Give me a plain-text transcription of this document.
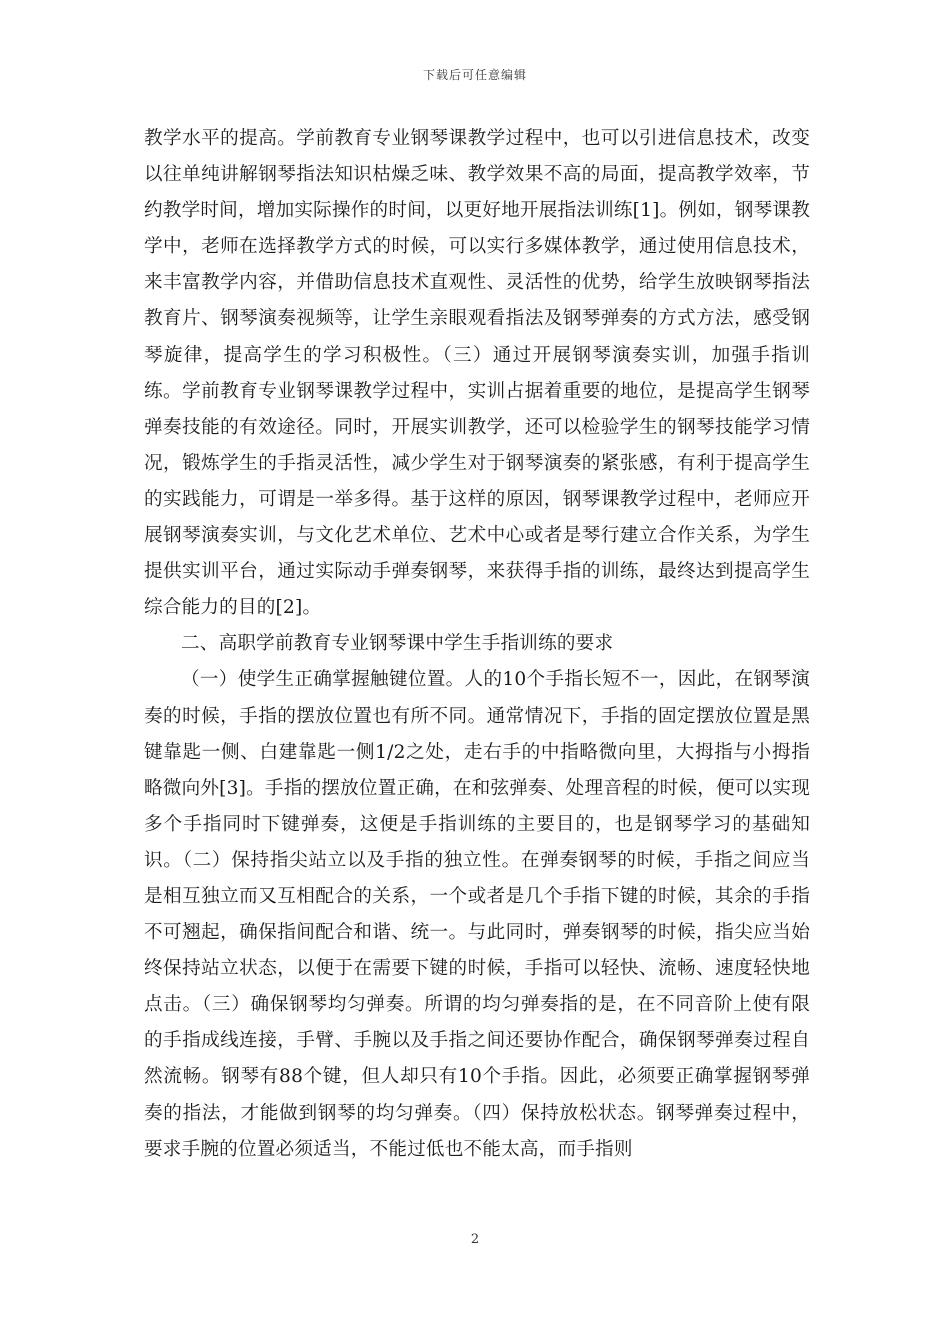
下载后可任意编辑

教学水平的提高。学前教育专业钢琴课教学过程中，也可以引进信息技术，改变以往单纯讲解钢琴指法知识枯燥乏味、教学效果不高的局面，提高教学效率，节约教学时间，增加实际操作的时间，以更好地开展指法训练[1]。例如，钢琴课教学中，老师在选择教学方式的时候，可以实行多媒体教学，通过使用信息技术，来丰富教学内容，并借助信息技术直观性、灵活性的优势，给学生放映钢琴指法教育片、钢琴演奏视频等，让学生亲眼观看指法及钢琴弹奏的方式方法，感受钢琴旋律，提高学生的学习积极性。（三）通过开展钢琴演奏实训，加强手指训练。学前教育专业钢琴课教学过程中，实训占据着重要的地位，是提高学生钢琴弹奏技能的有效途径。同时，开展实训教学，还可以检验学生的钢琴技能学习情况，锻炼学生的手指灵活性，减少学生对于钢琴演奏的紧张感，有利于提高学生的实践能力，可谓是一举多得。基于这样的原因，钢琴课教学过程中，老师应开展钢琴演奏实训，与文化艺术单位、艺术中心或者是琴行建立合作关系，为学生提供实训平台，通过实际动手弹奏钢琴，来获得手指的训练，最终达到提高学生综合能力的目的[2]。

二、高职学前教育专业钢琴课中学生手指训练的要求

（一）使学生正确掌握触键位置。人的10个手指长短不一，因此，在钢琴演奏的时候，手指的摆放位置也有所不同。通常情况下，手指的固定摆放位置是黑键靠匙一侧、白建靠匙一侧1/2之处，走右手的中指略微向里，大拇指与小拇指略微向外[3]。手指的摆放位置正确，在和弦弹奏、处理音程的时候，便可以实现多个手指同时下键弹奏，这便是手指训练的主要目的，也是钢琴学习的基础知识。（二）保持指尖站立以及手指的独立性。在弹奏钢琴的时候，手指之间应当是相互独立而又互相配合的关系，一个或者是几个手指下键的时候，其余的手指不可翘起，确保指间配合和谐、统一。与此同时，弹奏钢琴的时候，指尖应当始终保持站立状态，以便于在需要下键的时候，手指可以轻快、流畅、速度轻快地点击。（三）确保钢琴均匀弹奏。所谓的均匀弹奏指的是，在不同音阶上使有限的手指成线连接，手臂、手腕以及手指之间还要协作配合，确保钢琴弹奏过程自然流畅。钢琴有88个键，但人却只有10个手指。因此，必须要正确掌握钢琴弹奏的指法，才能做到钢琴的均匀弹奏。（四）保持放松状态。钢琴弹奏过程中，要求手腕的位置必须适当，不能过低也不能太高，而手指则

2
